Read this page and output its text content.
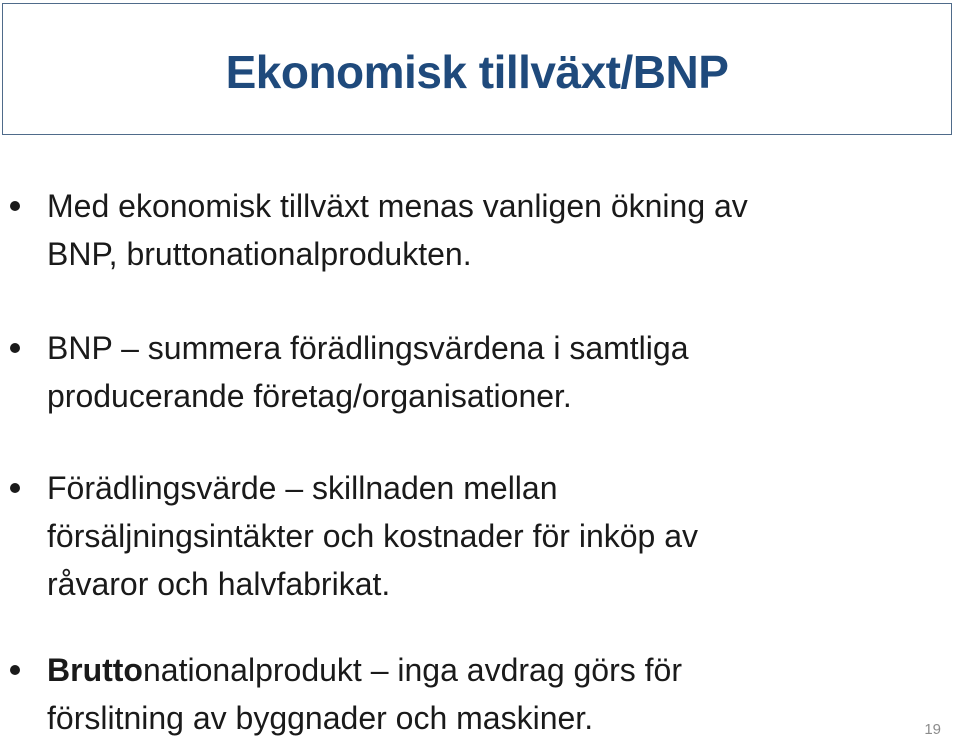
Ekonomisk tillväxt/BNP
Med ekonomisk tillväxt menas vanligen ökning av
BNP, bruttonationalprodukten.
BNP – summera förädlingsvärdena i samtliga
producerande företag/organisationer.
Förädlingsvärde – skillnaden mellan
försäljningsintäkter och kostnader för inköp av
råvaror och halvfabrikat.
Bruttonationalprodukt – inga avdrag görs för
förslitning av byggnader och maskiner.	19
